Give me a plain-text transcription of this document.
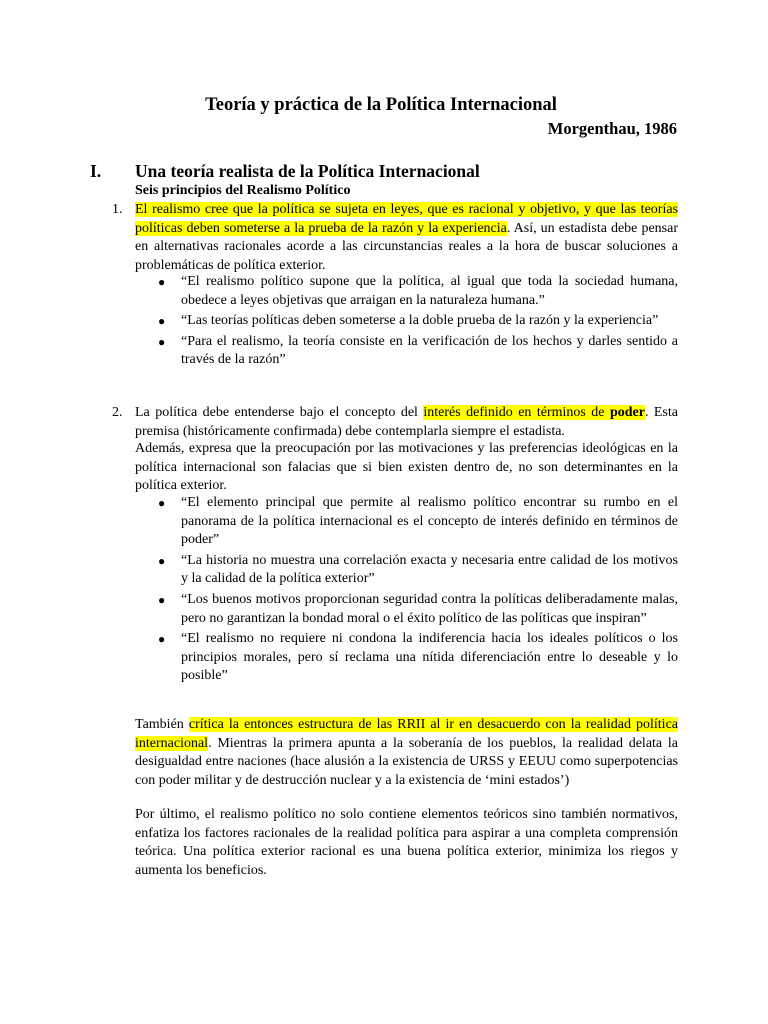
Teoría y práctica de la Política Internacional
Morgenthau, 1986
I. Una teoría realista de la Política Internacional
Seis principios del Realismo Político
1. El realismo cree que la política se sujeta en leyes, que es racional y objetivo, y que las teorías políticas deben someterse a la prueba de la razón y la experiencia. Así, un estadista debe pensar en alternativas racionales acorde a las circunstancias reales a la hora de buscar soluciones a problemáticas de política exterior.
● “El realismo político supone que la política, al igual que toda la sociedad humana, obedece a leyes objetivas que arraigan en la naturaleza humana.”
● “Las teorías políticas deben someterse a la doble prueba de la razón y la experiencia”
● “Para el realismo, la teoría consiste en la verificación de los hechos y darles sentido a través de la razón”
2. La política debe entenderse bajo el concepto del interés definido en términos de poder. Esta premisa (históricamente confirmada) debe contemplarla siempre el estadista.
Además, expresa que la preocupación por las motivaciones y las preferencias ideológicas en la política internacional son falacias que si bien existen dentro de, no son determinantes en la política exterior.
● “El elemento principal que permite al realismo político encontrar su rumbo en el panorama de la política internacional es el concepto de interés definido en términos de poder”
● “La historia no muestra una correlación exacta y necesaria entre calidad de los motivos y la calidad de la política exterior”
● “Los buenos motivos proporcionan seguridad contra la políticas deliberadamente malas, pero no garantizan la bondad moral o el éxito político de las políticas que inspiran”
● “El realismo no requiere ni condona la indiferencia hacia los ideales políticos o los principios morales, pero sí reclama una nítida diferenciación entre lo deseable y lo posible”
También crítica la entonces estructura de las RRII al ir en desacuerdo con la realidad política internacional. Mientras la primera apunta a la soberanía de los pueblos, la realidad delata la desigualdad entre naciones (hace alusión a la existencia de URSS y EEUU como superpotencias con poder militar y de destrucción nuclear y a la existencia de ‘mini estados’)
Por último, el realismo político no solo contiene elementos teóricos sino también normativos, enfatiza los factores racionales de la realidad política para aspirar a una completa comprensión teórica. Una política exterior racional es una buena política exterior, minimiza los riegos y aumenta los beneficios.
